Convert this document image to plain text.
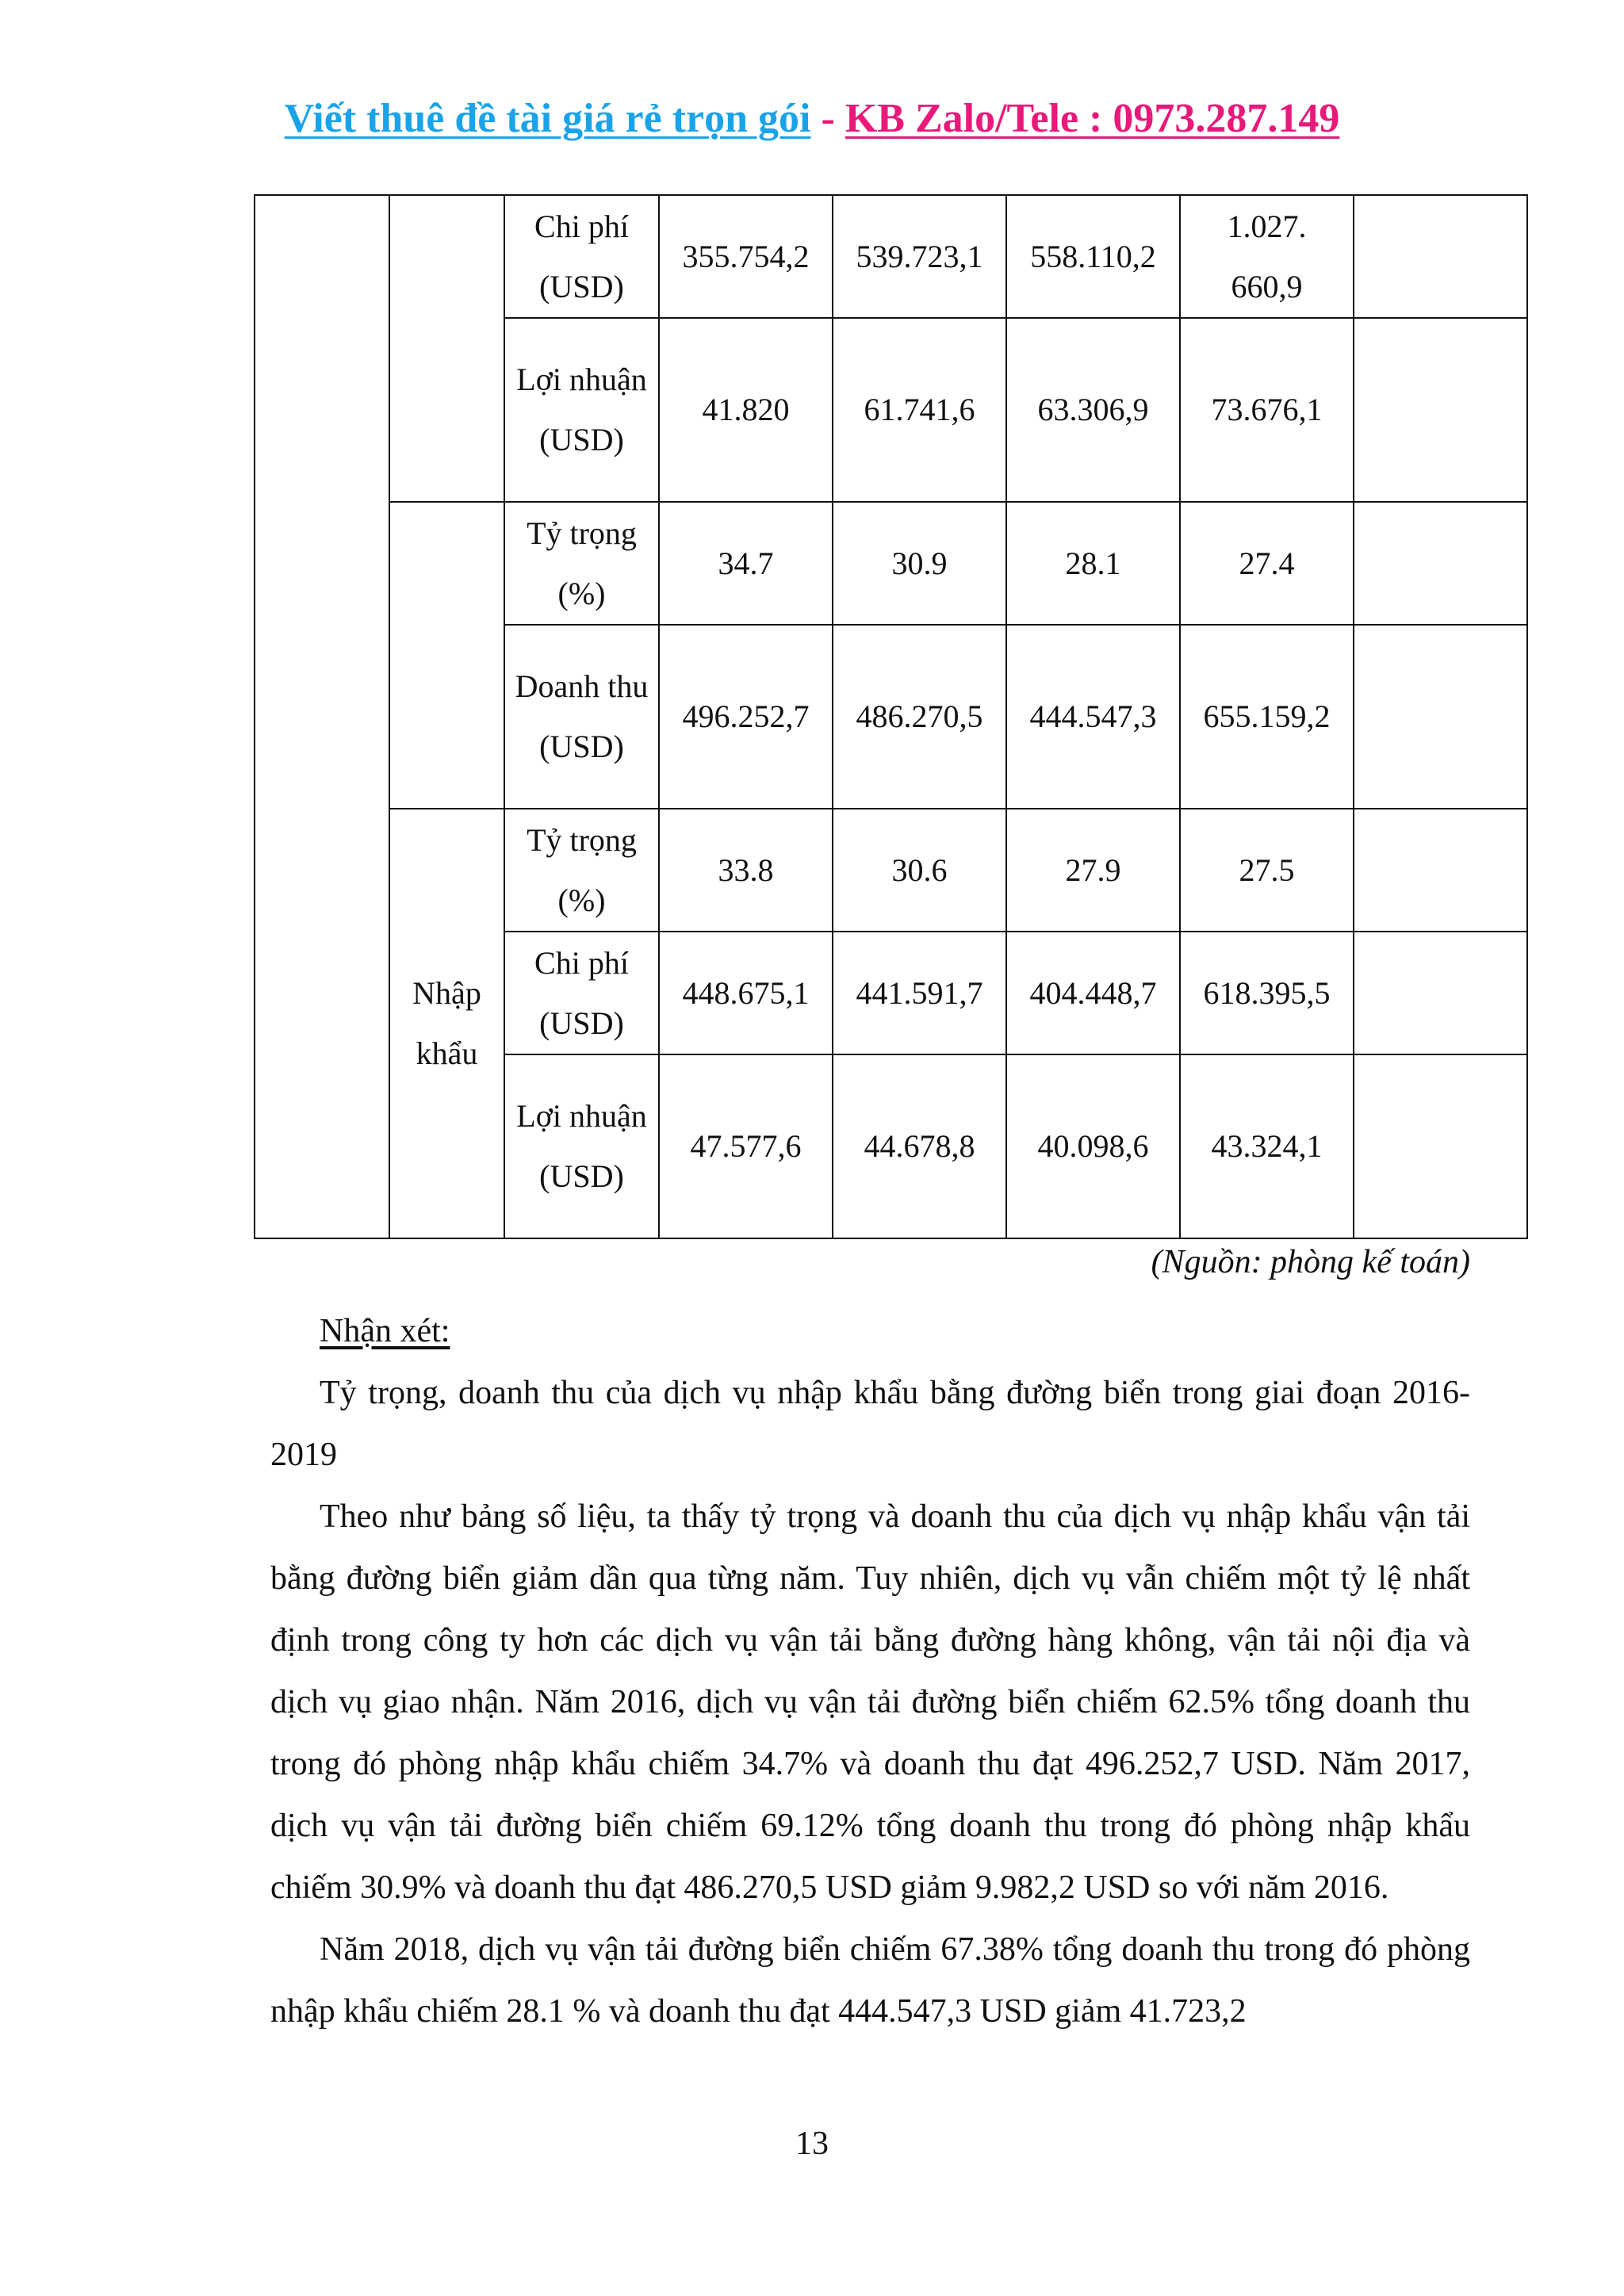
Viết thuê đề tài giá rẻ trọn gói - KB Zalo/Tele : 0973.287.149
		Chi phí (USD)	355.754,2	539.723,1	558.110,2	1.027.660,9	
		Lợi nhuận (USD)	41.820	61.741,6	63.306,9	73.676,1	
		Tỷ trọng (%)	34.7	30.9	28.1	27.4	
		Doanh thu (USD)	496.252,7	486.270,5	444.547,3	655.159,2	
	Nhập khẩu	Tỷ trọng (%)	33.8	30.6	27.9	27.5	
		Chi phí (USD)	448.675,1	441.591,7	404.448,7	618.395,5	
		Lợi nhuận (USD)	47.577,6	44.678,8	40.098,6	43.324,1	
(Nguồn: phòng kế toán)

Nhận xét:

Tỷ trọng, doanh thu của dịch vụ nhập khẩu bằng đường biển trong giai đoạn 2016-2019

Theo như bảng số liệu, ta thấy tỷ trọng và doanh thu của dịch vụ nhập khẩu vận tải bằng đường biển giảm dần qua từng năm. Tuy nhiên, dịch vụ vẫn chiếm một tỷ lệ nhất định trong công ty hơn các dịch vụ vận tải bằng đường hàng không, vận tải nội địa và dịch vụ giao nhận. Năm 2016, dịch vụ vận tải đường biển chiếm 62.5% tổng doanh thu trong đó phòng nhập khẩu chiếm 34.7% và doanh thu đạt 496.252,7 USD. Năm 2017, dịch vụ vận tải đường biển chiếm 69.12% tổng doanh thu trong đó phòng nhập khẩu chiếm 30.9% và doanh thu đạt 486.270,5 USD giảm 9.982,2 USD so với năm 2016.

Năm 2018, dịch vụ vận tải đường biển chiếm 67.38% tổng doanh thu trong đó phòng nhập khẩu chiếm 28.1 % và doanh thu đạt 444.547,3 USD giảm 41.723,2

13
